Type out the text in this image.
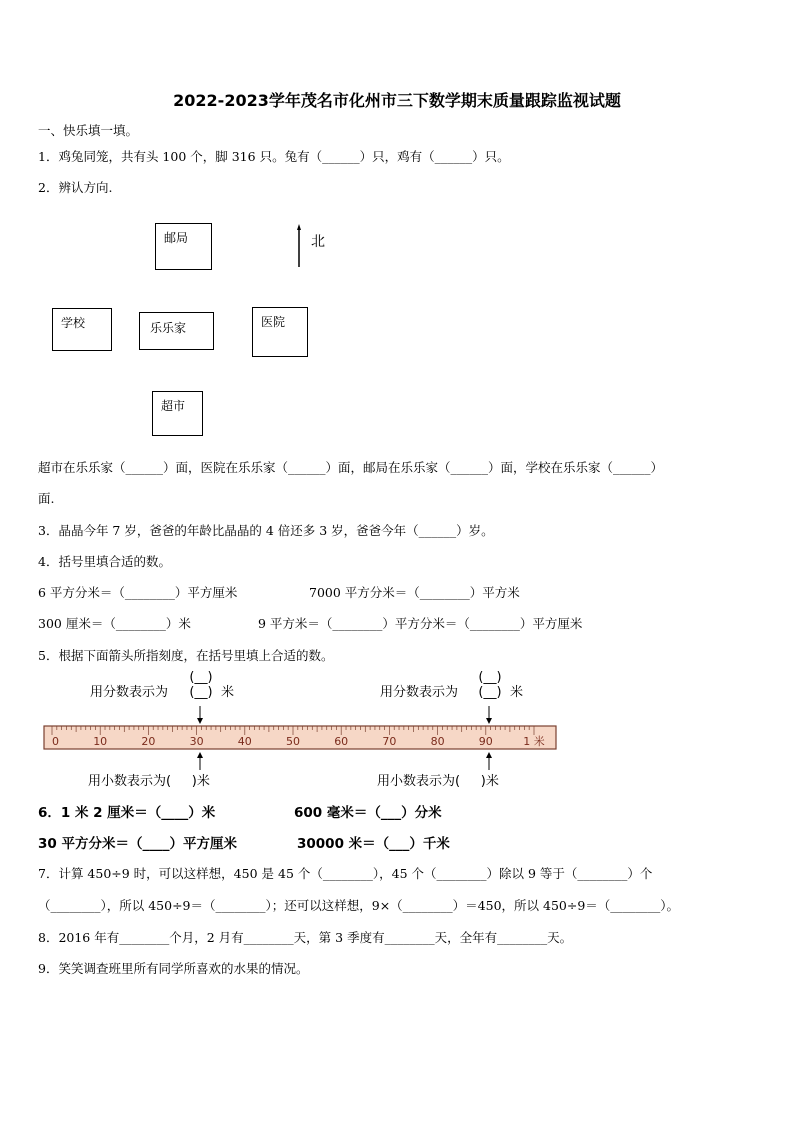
2022-2023学年茂名市化州市三下数学期末质量跟踪监视试题
一、快乐填一填。
1．鸡兔同笼，共有头 100 个，脚 316 只。兔有（______）只，鸡有（______）只。
2．辨认方向.
邮局	北
学校	乐乐家	医院
超市
超市在乐乐家（______）面，医院在乐乐家（______）面，邮局在乐乐家（______）面，学校在乐乐家（______）
面.
3．晶晶今年 7 岁，爸爸的年龄比晶晶的 4 倍还多 3 岁，爸爸今年（______）岁。
4．括号里填合适的数。
6 平方分米＝（________）平方厘米	7000 平方分米＝（________）平方米
300 厘米＝（________）米	9 平方米＝（________）平方分米＝（________）平方厘米
5．根据下面箭头所指刻度，在括号里填上合适的数。
用分数表示为
(__)
(__) 米	用分数表示为
(__)
(__) 米
0	10	20	30	40	50	60	70	80	90	1 米
用小数表示为( )米	用小数表示为( )米
6．1 米 2 厘米＝（____）米	600 毫米＝（___）分米
30 平方分米＝（____）平方厘米	30000 米＝（___）千米
7．计算 450÷9 时，可以这样想，450 是 45 个（________），45 个（________）除以 9 等于（________）个
（________），所以 450÷9＝（________）；还可以这样想，9×（________）＝450，所以 450÷9＝（________）。
8．2016 年有________个月，2 月有________天，第 3 季度有________天，全年有________天。
9．笑笑调查班里所有同学所喜欢的水果的情况。
